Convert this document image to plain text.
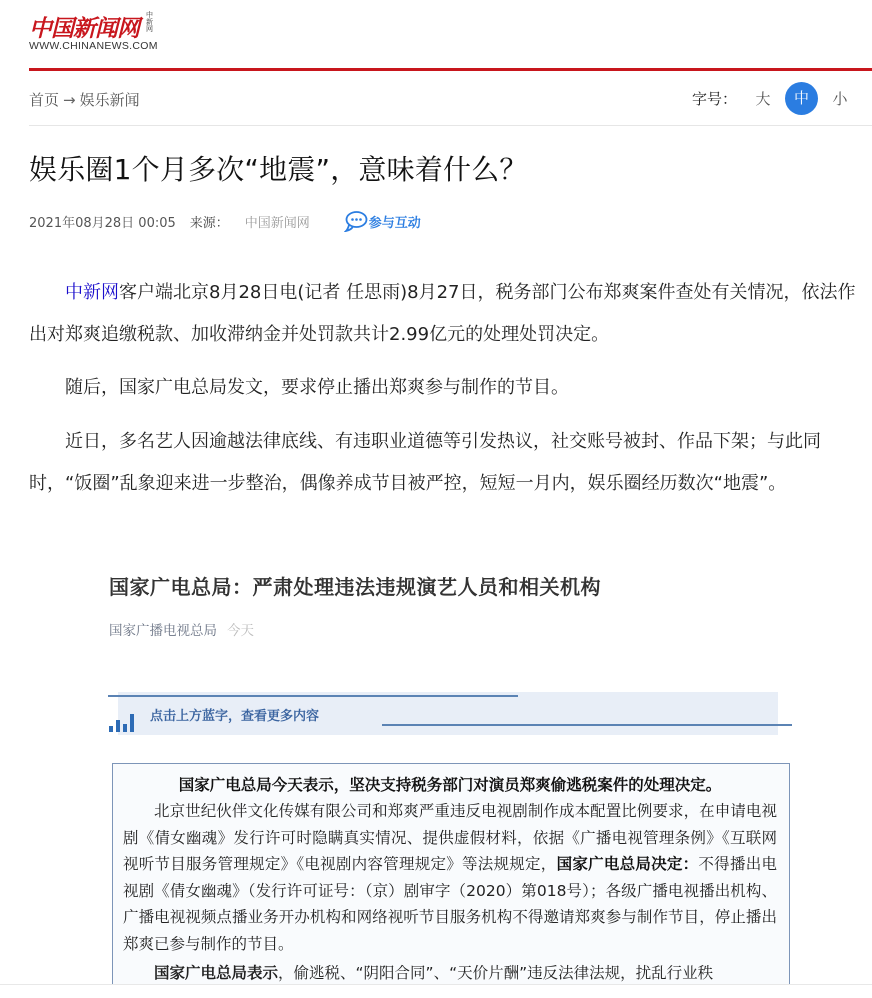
中国新闻网 中新网
WWW.CHINANEWS.COM
首页 → 娱乐新闻	字号： 大	中	小
娱乐圈1个月多次“地震”，意味着什么？
2021年08月28日 00:05 来源： 中国新闻网	参与互动

中新网客户端北京8月28日电(记者 任思雨)8月27日，税务部门公布郑爽案件查处有关情况，依法作出对郑爽追缴税款、加收滞纳金并处罚款共计2.99亿元的处理处罚决定。

随后，国家广电总局发文，要求停止播出郑爽参与制作的节目。

近日，多名艺人因逾越法律底线、有违职业道德等引发热议，社交账号被封、作品下架；与此同时，“饭圈”乱象迎来进一步整治，偶像养成节目被严控，短短一月内，娱乐圈经历数次“地震”。

国家广电总局：严肃处理违法违规演艺人员和相关机构
国家广播电视总局 今天
点击上方蓝字，查看更多内容
国家广电总局今天表示，坚决支持税务部门对演员郑爽偷逃税案件的处理决定。
北京世纪伙伴文化传媒有限公司和郑爽严重违反电视剧制作成本配置比例要求，在申请电视剧《倩女幽魂》发行许可时隐瞒真实情况、提供虚假材料，依据《广播电视管理条例》《互联网视听节目服务管理规定》《电视剧内容管理规定》等法规规定，国家广电总局决定：不得播出电视剧《倩女幽魂》（发行许可证号：（京）剧审字（2020）第018号）；各级广播电视播出机构、广播电视视频点播业务开办机构和网络视听节目服务机构不得邀请郑爽参与制作节目，停止播出郑爽已参与制作的节目。
国家广电总局表示，偷逃税、“阴阳合同”、“天价片酬”违反法律法规，扰乱行业秩
